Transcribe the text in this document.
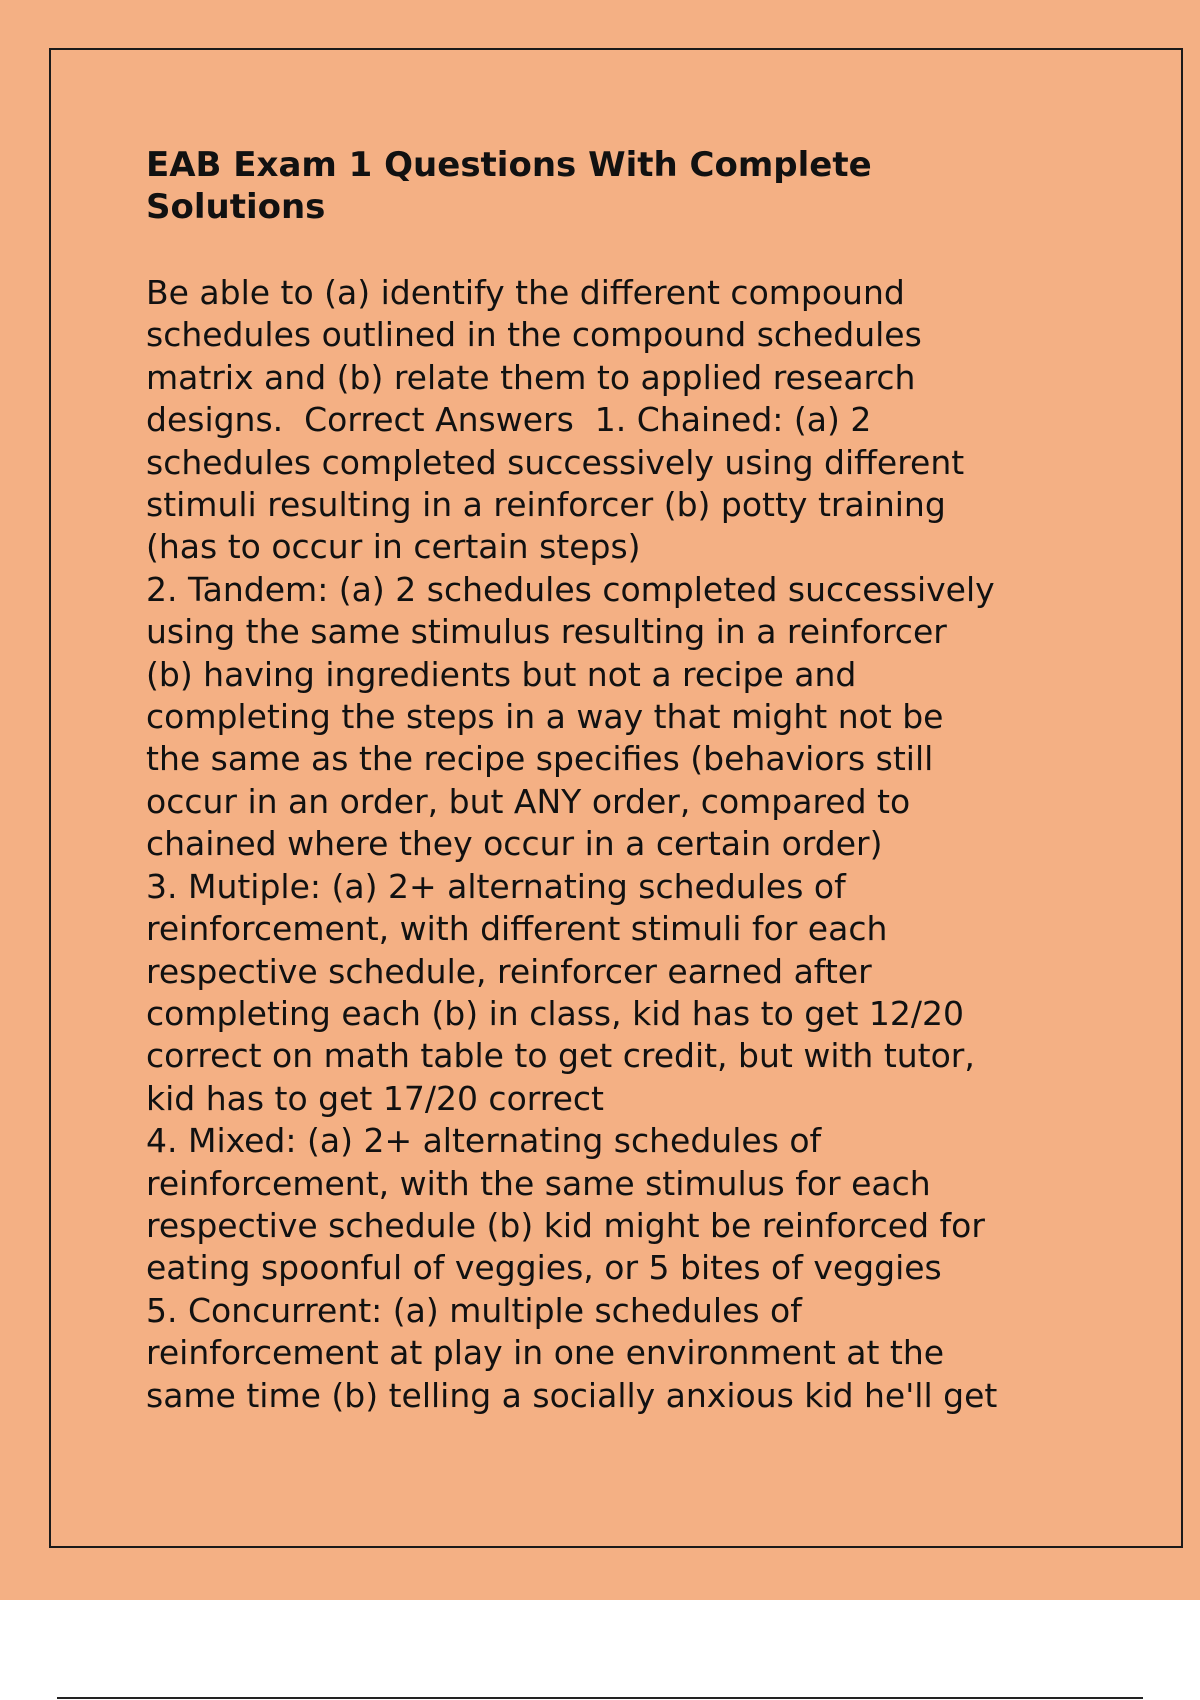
EAB Exam 1 Questions With Complete
Solutions
Be able to (a) identify the different compound
schedules outlined in the compound schedules
matrix and (b) relate them to applied research
designs.  Correct Answers  1. Chained: (a) 2
schedules completed successively using different
stimuli resulting in a reinforcer (b) potty training
(has to occur in certain steps)
2. Tandem: (a) 2 schedules completed successively
using the same stimulus resulting in a reinforcer
(b) having ingredients but not a recipe and
completing the steps in a way that might not be
the same as the recipe specifies (behaviors still
occur in an order, but ANY order, compared to
chained where they occur in a certain order)
3. Mutiple: (a) 2+ alternating schedules of
reinforcement, with different stimuli for each
respective schedule, reinforcer earned after
completing each (b) in class, kid has to get 12/20
correct on math table to get credit, but with tutor,
kid has to get 17/20 correct
4. Mixed: (a) 2+ alternating schedules of
reinforcement, with the same stimulus for each
respective schedule (b) kid might be reinforced for
eating spoonful of veggies, or 5 bites of veggies
5. Concurrent: (a) multiple schedules of
reinforcement at play in one environment at the
same time (b) telling a socially anxious kid he'll get
